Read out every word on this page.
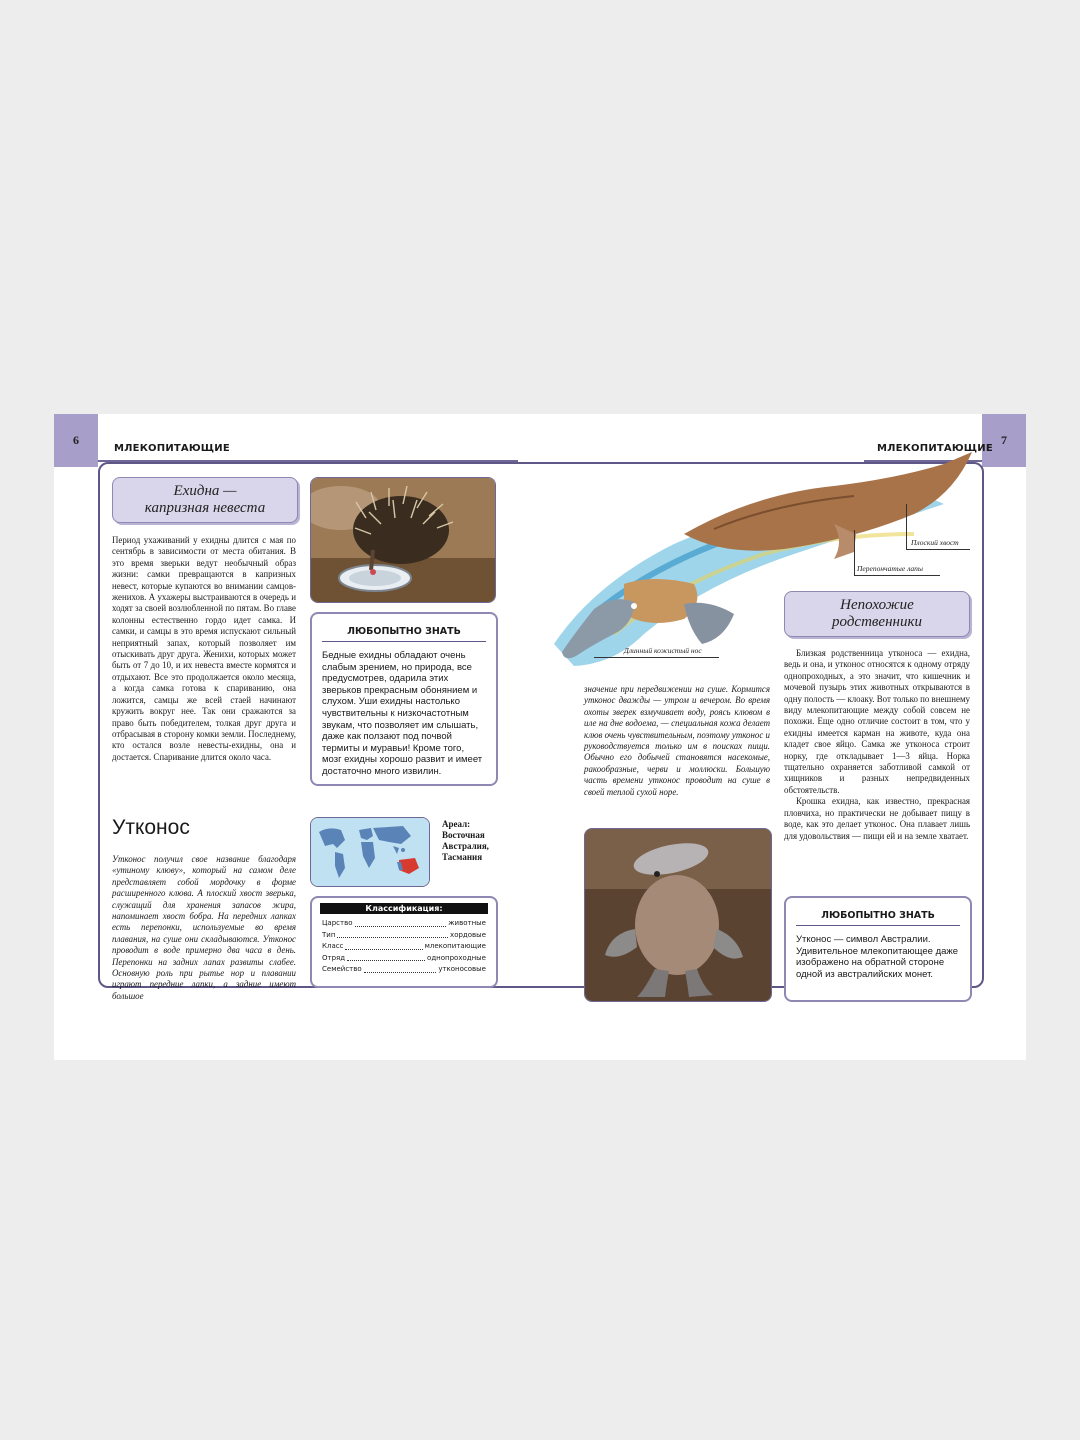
6
МЛЕКОПИТАЮЩИЕ
7
МЛЕКОПИТАЮЩИЕ
Ехидна —
капризная невеста
Период ухаживаний у ехидны длится с мая по сентябрь в зависимости от места обитания. В это время зверьки ведут необычный образ жизни: самки превращаются в капризных невест, которые купаются во внимании самцов-женихов. А ухажеры выстраиваются в очередь и ходят за своей возлюбленной по пятам. Во главе колонны естественно гордо идет самка. И самки, и самцы в это время испускают сильный неприятный запах, который позволяет им отыскивать друг друга. Женихи, которых может быть от 7 до 10, и их невеста вместе кормятся и отдыхают. Все это продолжается около месяца, а когда самка готова к спариванию, она ложится, самцы же всей стаей начинают кружить вокруг нее. Так они сражаются за право быть победителем, толкая друг друга и отбрасывая в сторону комки земли. Последнему, кто остался возле невесты-ехидны, она и достается. Спаривание длится около часа.
ЛЮБОПЫТНО ЗНАТЬ
Бедные ехидны обладают очень слабым зрением, но природа, все предусмотрев, одарила этих зверьков прекрасным обонянием и слухом. Уши ехидны настолько чувствительны к низкочастотным звукам, что позволяет им слышать, даже как ползают под почвой термиты и муравьи! Кроме того, мозг ехидны хорошо развит и имеет достаточно много извилин.
Утконос
Утконос получил свое название благодаря «утиному клюву», который на самом деле представляет собой мордочку в форме расширенного клюва. А плоский хвост зверька, служащий для хранения запасов жира, напоминает хвост бобра. На передних лапках есть перепонки, используемые во время плавания, на суше они складываются. Утконос проводит в воде примерно два часа в день. Перепонки на задних лапах развиты слабее. Основную роль при рытье нор и плавании играют передние лапки, а задние имеют большое
Ареал:
Восточная Австралия, Тасмания
Классификация:
Царство	животные
Тип	хордовые
Класс	млекопитающие
Отряд	однопроходные
Семейство	утконосовые
Плоский хвост
Перепончатые лапы
Длинный кожистый нос
значение при передвижении на суше. Кормится утконос дважды — утром и вечером. Во время охоты зверек взмучивает воду, роясь клювом в иле на дне водоема, — специальная кожа делает клюв очень чувствительным, поэтому утконос и руководствуется только им в поисках пищи. Обычно его добычей становятся насекомые, ракообразные, черви и моллюски. Большую часть времени утконос проводит на суше в своей теплой сухой норе.
Непохожие
родственники
Близкая родственница утконоса — ехидна, ведь и она, и утконос относятся к одному отряду однопроходных, а это значит, что кишечник и мочевой пузырь этих животных открываются в одну полость — клоаку. Вот только по внешнему виду млекопитающие между собой совсем не похожи. Еще одно отличие состоит в том, что у ехидны имеется карман на животе, куда она кладет свое яйцо. Самка же утконоса строит норку, где откладывает 1—3 яйца. Норка тщательно охраняется заботливой самкой от хищников и разных непредвиденных обстоятельств.
Крошка ехидна, как известно, прекрасная пловчиха, но практически не добывает пищу в воде, как это делает утконос. Она плавает лишь для удовольствия — пищи ей и на земле хватает.
ЛЮБОПЫТНО ЗНАТЬ
Утконос — символ Австралии. Удивительное млекопитающее даже изображено на обратной стороне одной из австралийских монет.
